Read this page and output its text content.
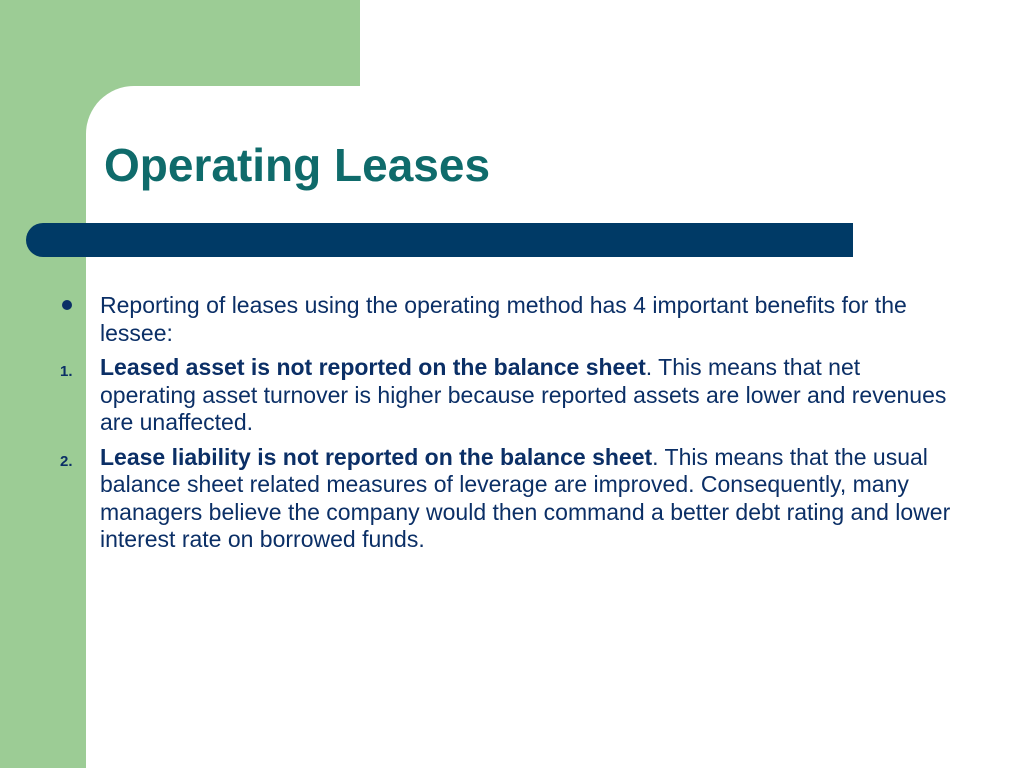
Operating Leases
Reporting of leases using the operating method has 4 important benefits for the lessee:
1. Leased asset is not reported on the balance sheet. This means that net operating asset turnover is higher because reported assets are lower and revenues are unaffected.
2. Lease liability is not reported on the balance sheet. This means that the usual balance sheet related measures of leverage are improved. Consequently, many managers believe the company would then command a better debt rating and lower interest rate on borrowed funds.
